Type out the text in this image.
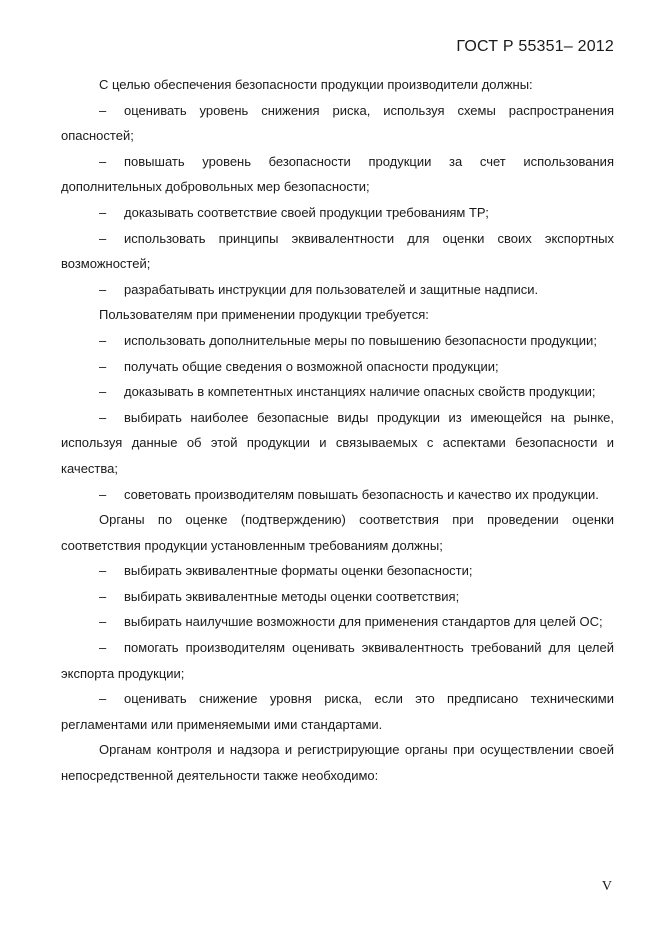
ГОСТ Р 55351– 2012

С целью обеспечения безопасности продукции производители должны:

– оценивать уровень снижения риска, используя схемы распространения опасностей;

– повышать уровень безопасности продукции за счет использования дополнительных добровольных мер безопасности;

– доказывать соответствие своей продукции требованиям ТР;

– использовать принципы эквивалентности для оценки своих экспортных возможностей;

– разрабатывать инструкции для пользователей и защитные надписи.

Пользователям при применении продукции требуется:

– использовать дополнительные меры по повышению безопасности продукции;

– получать общие сведения о возможной опасности продукции;

– доказывать в компетентных инстанциях наличие опасных свойств продукции;

– выбирать наиболее безопасные виды продукции из имеющейся на рынке, используя данные об этой продукции и связываемых с аспектами безопасности и качества;

– советовать производителям повышать безопасность и качество их продукции.

Органы по оценке (подтверждению) соответствия при проведении оценки соответствия продукции установленным требованиям должны;

– выбирать эквивалентные форматы оценки безопасности;

– выбирать эквивалентные методы оценки соответствия;

– выбирать наилучшие возможности для применения стандартов для целей ОС;

– помогать производителям оценивать эквивалентность требований для целей экспорта продукции;

– оценивать снижение уровня риска, если это предписано техническими регламентами или применяемыми ими стандартами.

Органам контроля и надзора и регистрирующие органы при осуществлении своей непосредственной деятельности также необходимо:

V
